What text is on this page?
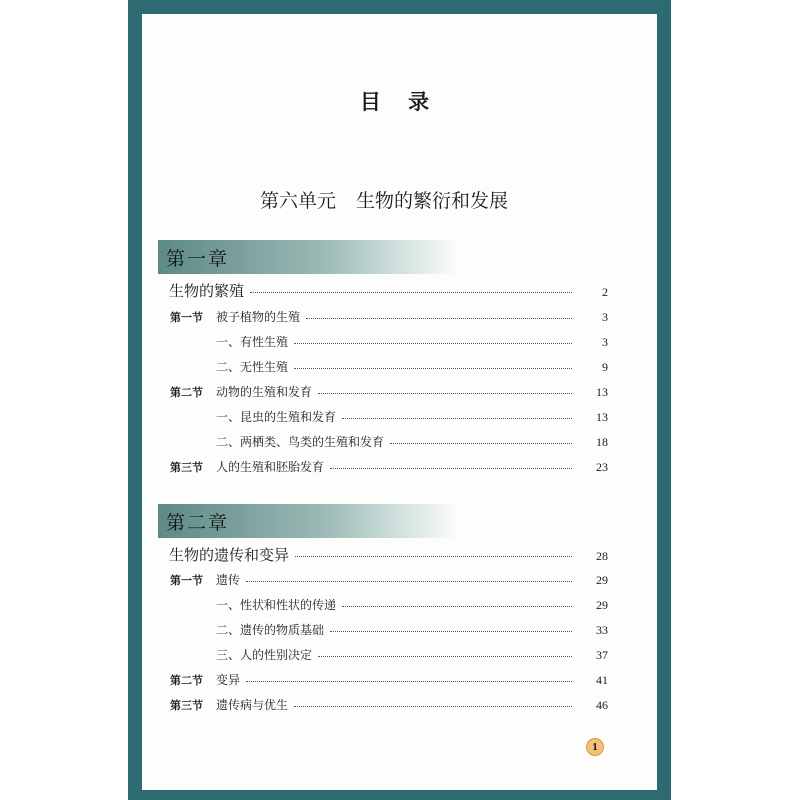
目 录
第六单元 生物的繁衍和发展
第一章
生物的繁殖	2
第一节	被子植物的生殖	3
一、有性生殖	3
二、无性生殖	9
第二节	动物的生殖和发育	13
一、昆虫的生殖和发育	13
二、两栖类、鸟类的生殖和发育	18
第三节	人的生殖和胚胎发育	23
第二章
生物的遗传和变异	28
第一节	遗传	29
一、性状和性状的传递	29
二、遗传的物质基础	33
三、人的性别决定	37
第二节	变异	41
第三节	遗传病与优生	46
1
